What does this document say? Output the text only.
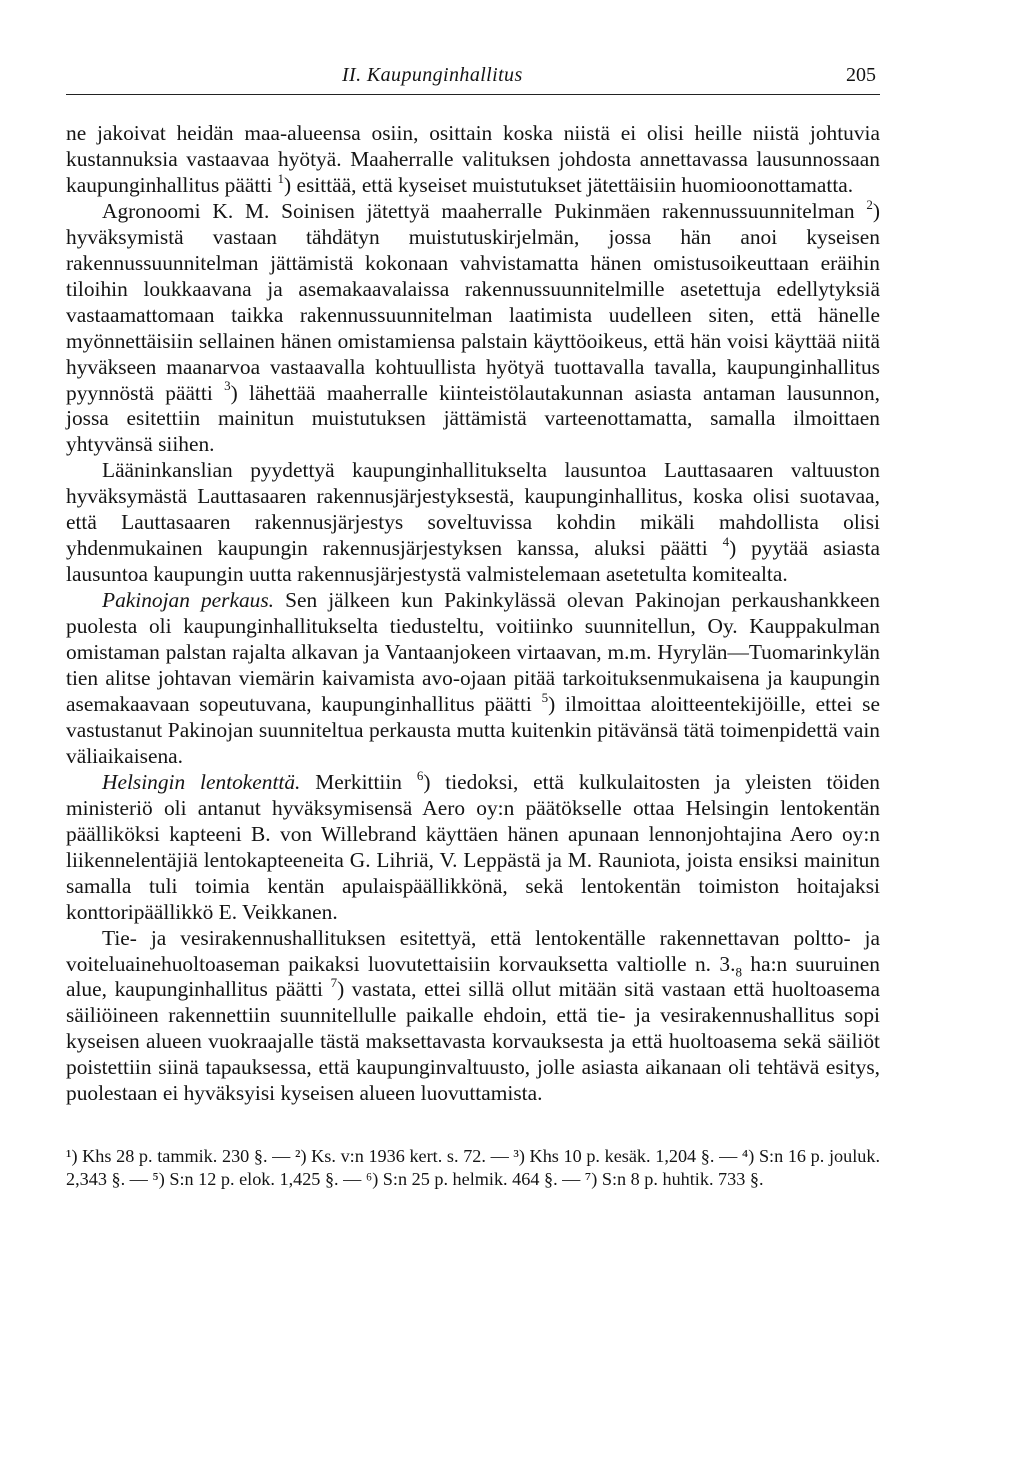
II. Kaupunginhallitus	205

ne jakoivat heidän maa-alueensa osiin, osittain koska niistä ei olisi heille niistä johtuvia kustannuksia vastaavaa hyötyä. Maaherralle valituksen johdosta annettavassa lausunnossaan kaupunginhallitus päätti $^1$) esittää, että kyseiset muistutukset jätettäisiin huomioonottamatta.

Agronoomi K. M. Soinisen jätettyä maaherralle Pukinmäen rakennussuunnitelman $^2$) hyväksymistä vastaan tähdätyn muistutuskirjelmän, jossa hän anoi kyseisen rakennussuunnitelman jättämistä kokonaan vahvistamatta hänen omistusoikeuttaan eräihin tiloihin loukkaavana ja asemakaavalaissa rakennussuunnitelmille asetettuja edellytyksiä vastaamattomaan taikka rakennussuunnitelman laatimista uudelleen siten, että hänelle myönnettäisiin sellainen hänen omistamiensa palstain käyttöoikeus, että hän voisi käyttää niitä hyväkseen maanarvoa vastaavalla kohtuullista hyötyä tuottavalla tavalla, kaupunginhallitus pyynnöstä päätti $^3$) lähettää maaherralle kiinteistölautakunnan asiasta antaman lausunnon, jossa esitettiin mainitun muistutuksen jättämistä varteenottamatta, samalla ilmoittaen yhtyvänsä siihen.

Lääninkanslian pyydettyä kaupunginhallitukselta lausuntoa Lauttasaaren valtuuston hyväksymästä Lauttasaaren rakennusjärjestyksestä, kaupunginhallitus, koska olisi suotavaa, että Lauttasaaren rakennusjärjestys soveltuvissa kohdin mikäli mahdollista olisi yhdenmukainen kaupungin rakennusjärjestyksen kanssa, aluksi päätti $^4$) pyytää asiasta lausuntoa kaupungin uutta rakennusjärjestystä valmistelemaan asetetulta komitealta.

Pakinojan perkaus. Sen jälkeen kun Pakinkylässä olevan Pakinojan perkaushankkeen puolesta oli kaupunginhallitukselta tiedusteltu, voitiinko suunnitellun, Oy. Kauppakulman omistaman palstan rajalta alkavan ja Vantaanjokeen virtaavan, m.m. Hyrylän—Tuomarinkylän tien alitse johtavan viemärin kaivamista avo-ojaan pitää tarkoituksenmukaisena ja kaupungin asemakaavaan sopeutuvana, kaupunginhallitus päätti $^5$) ilmoittaa aloitteentekijöille, ettei se vastustanut Pakinojan suunniteltua perkausta mutta kuitenkin pitävänsä tätä toimenpidettä vain väliaikaisena.

Helsingin lentokenttä. Merkittiin $^6$) tiedoksi, että kulkulaitosten ja yleisten töiden ministeriö oli antanut hyväksymisensä Aero oy:n päätökselle ottaa Helsingin lentokentän päälliköksi kapteeni B. von Willebrand käyttäen hänen apunaan lennonjohtajina Aero oy:n liikennelentäjiä lentokapteeneita G. Lihriä, V. Leppästä ja M. Rauniota, joista ensiksi mainitun samalla tuli toimia kentän apulaispäällikkönä, sekä lentokentän toimiston hoitajaksi konttoripäällikkö E. Veikkanen.

Tie- ja vesirakennushallituksen esitettyä, että lentokentälle rakennettavan poltto- ja voiteluainehuoltoaseman paikaksi luovutettaisiin korvauksetta valtiolle n. $3._8$ ha:n suuruinen alue, kaupunginhallitus päätti $^7$) vastata, ettei sillä ollut mitään sitä vastaan että huoltoasema säiliöineen rakennettiin suunnitellulle paikalle ehdoin, että tie- ja vesirakennushallitus sopi kyseisen alueen vuokraajalle tästä maksettavasta korvauksesta ja että huoltoasema sekä säiliöt poistettiin siinä tapauksessa, että kaupunginvaltuusto, jolle asiasta aikanaan oli tehtävä esitys, puolestaan ei hyväksyisi kyseisen alueen luovuttamista.

¹) Khs 28 p. tammik. 230 §. — ²) Ks. v:n 1936 kert. s. 72. — ³) Khs 10 p. kesäk. 1,204 §. — ⁴) S:n 16 p. jouluk. 2,343 §. — ⁵) S:n 12 p. elok. 1,425 §. — ⁶) S:n 25 p. helmik. 464 §. — ⁷) S:n 8 p. huhtik. 733 §.
